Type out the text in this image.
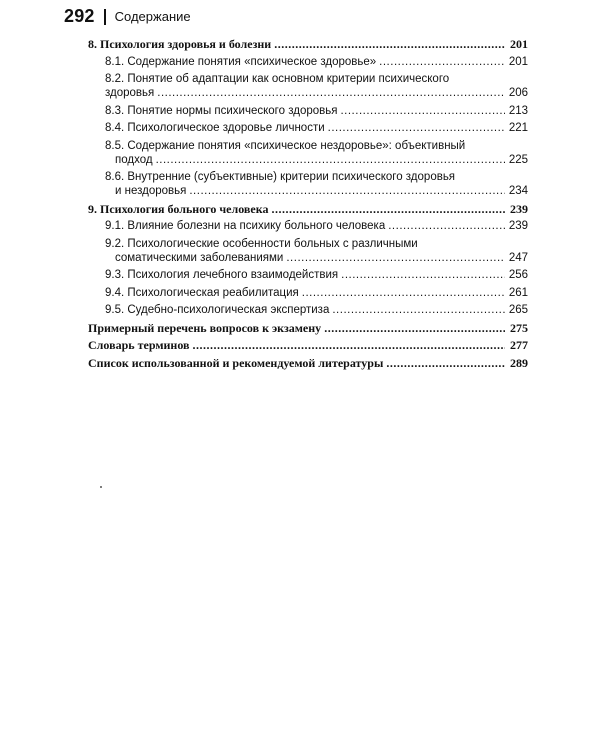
292 Содержание
8. Психология здоровья и болезни .....	201
8.1. Содержание понятия «психическое здоровье» .....	201
8.2. Понятие об адаптации как основном критерии психического
здоровья .....	206
8.3. Понятие нормы психического здоровья .....	213
8.4. Психологическое здоровье личности .....	221
8.5. Содержание понятия «психическое нездоровье»: объективный
подход .....	225
8.6. Внутренние (субъективные) критерии психического здоровья
и нездоровья .....	234
9. Психология больного человека .....	239
9.1. Влияние болезни на психику больного человека .....	239
9.2. Психологические особенности больных с различными
соматическими заболеваниями .....	247
9.3. Психология лечебного взаимодействия .....	256
9.4. Психологическая реабилитация .....	261
9.5. Судебно-психологическая экспертиза .....	265
Примерный перечень вопросов к экзамену .....	275
Словарь терминов .....	277
Список использованной и рекомендуемой литературы .....	289
